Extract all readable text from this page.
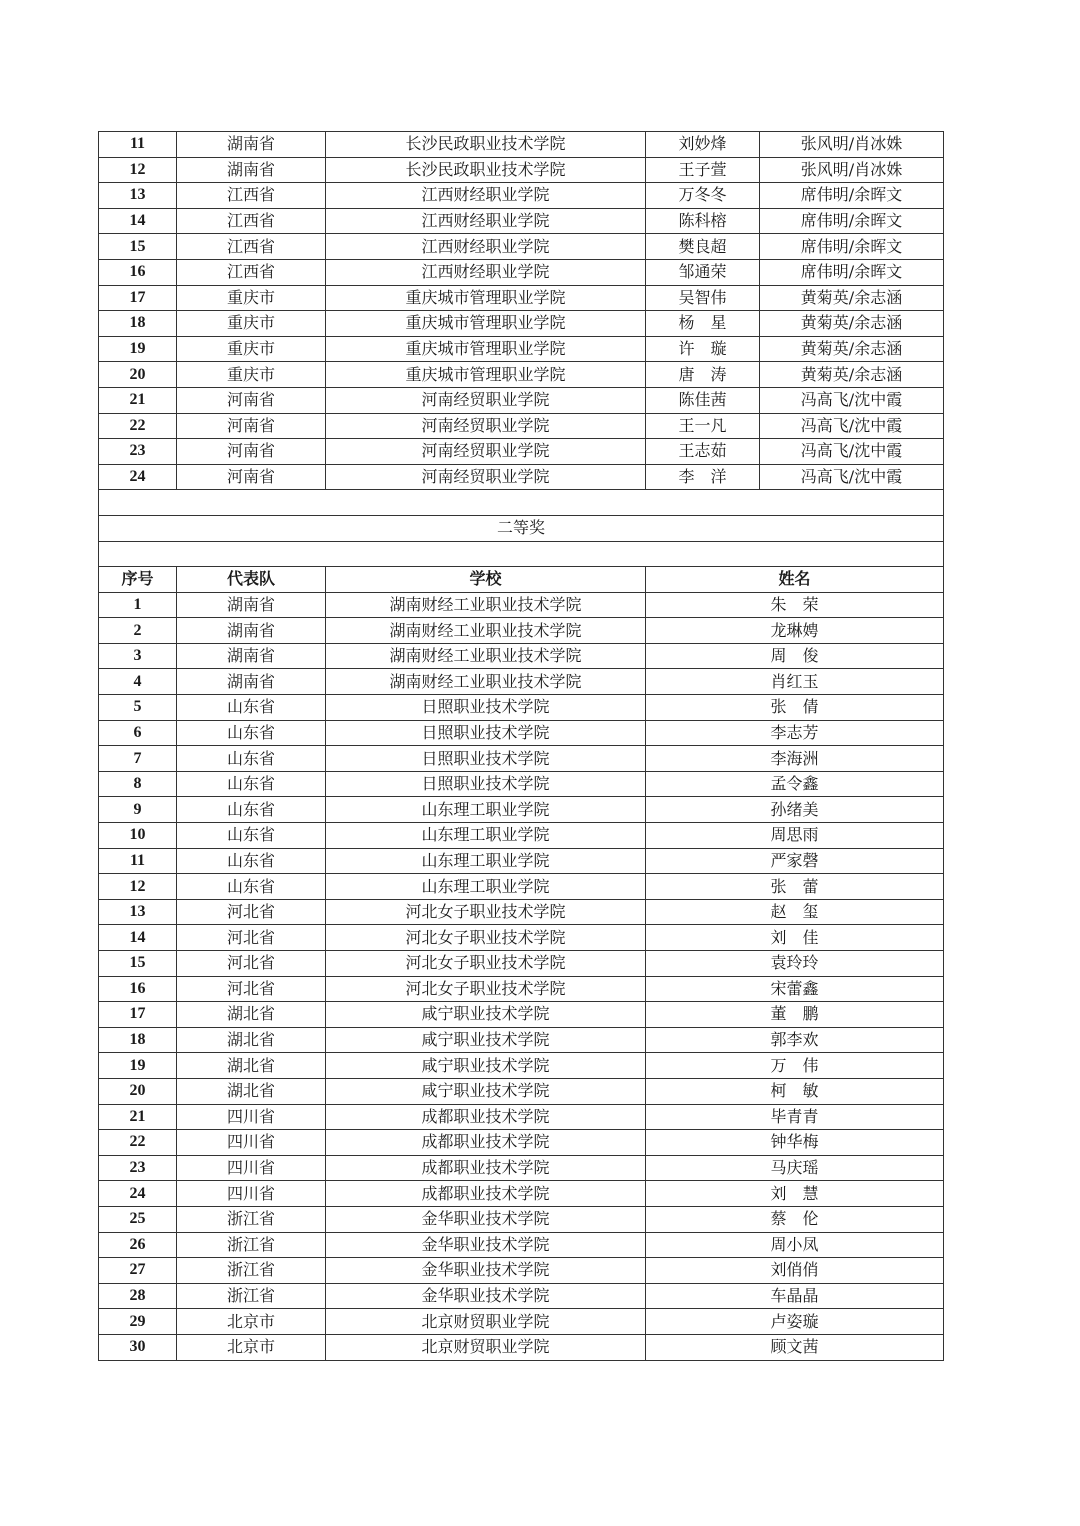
11	湖南省	长沙民政职业技术学院	刘妙烽	张风明/肖冰姝
12	湖南省	长沙民政职业技术学院	王子萱	张风明/肖冰姝
13	江西省	江西财经职业学院	万冬冬	席伟明/余晖文
14	江西省	江西财经职业学院	陈科榕	席伟明/余晖文
15	江西省	江西财经职业学院	樊良超	席伟明/余晖文
16	江西省	江西财经职业学院	邹通荣	席伟明/余晖文
17	重庆市	重庆城市管理职业学院	吴智伟	黄菊英/余志涵
18	重庆市	重庆城市管理职业学院	杨　星	黄菊英/余志涵
19	重庆市	重庆城市管理职业学院	许　璇	黄菊英/余志涵
20	重庆市	重庆城市管理职业学院	唐　涛	黄菊英/余志涵
21	河南省	河南经贸职业学院	陈佳茜	冯高飞/沈中霞
22	河南省	河南经贸职业学院	王一凡	冯高飞/沈中霞
23	河南省	河南经贸职业学院	王志茹	冯高飞/沈中霞
24	河南省	河南经贸职业学院	李　洋	冯高飞/沈中霞

二等奖				

序号	代表队	学校	姓名	
1	湖南省	湖南财经工业职业技术学院	朱　荣	
2	湖南省	湖南财经工业职业技术学院	龙琳娉	
3	湖南省	湖南财经工业职业技术学院	周　俊	
4	湖南省	湖南财经工业职业技术学院	肖红玉	
5	山东省	日照职业技术学院	张　倩	
6	山东省	日照职业技术学院	李志芳	
7	山东省	日照职业技术学院	李海洲	
8	山东省	日照职业技术学院	孟令鑫	
9	山东省	山东理工职业学院	孙绪美	
10	山东省	山东理工职业学院	周思雨	
11	山东省	山东理工职业学院	严家磬	
12	山东省	山东理工职业学院	张　蕾	
13	河北省	河北女子职业技术学院	赵　玺	
14	河北省	河北女子职业技术学院	刘　佳	
15	河北省	河北女子职业技术学院	袁玲玲	
16	河北省	河北女子职业技术学院	宋蕾鑫	
17	湖北省	咸宁职业技术学院	董　鹏	
18	湖北省	咸宁职业技术学院	郭李欢	
19	湖北省	咸宁职业技术学院	万　伟	
20	湖北省	咸宁职业技术学院	柯　敏	
21	四川省	成都职业技术学院	毕青青	
22	四川省	成都职业技术学院	钟华梅	
23	四川省	成都职业技术学院	马庆瑶	
24	四川省	成都职业技术学院	刘　慧	
25	浙江省	金华职业技术学院	蔡　伦	
26	浙江省	金华职业技术学院	周小凤	
27	浙江省	金华职业技术学院	刘俏俏	
28	浙江省	金华职业技术学院	车晶晶	
29	北京市	北京财贸职业学院	卢姿璇	
30	北京市	北京财贸职业学院	顾文茜	
